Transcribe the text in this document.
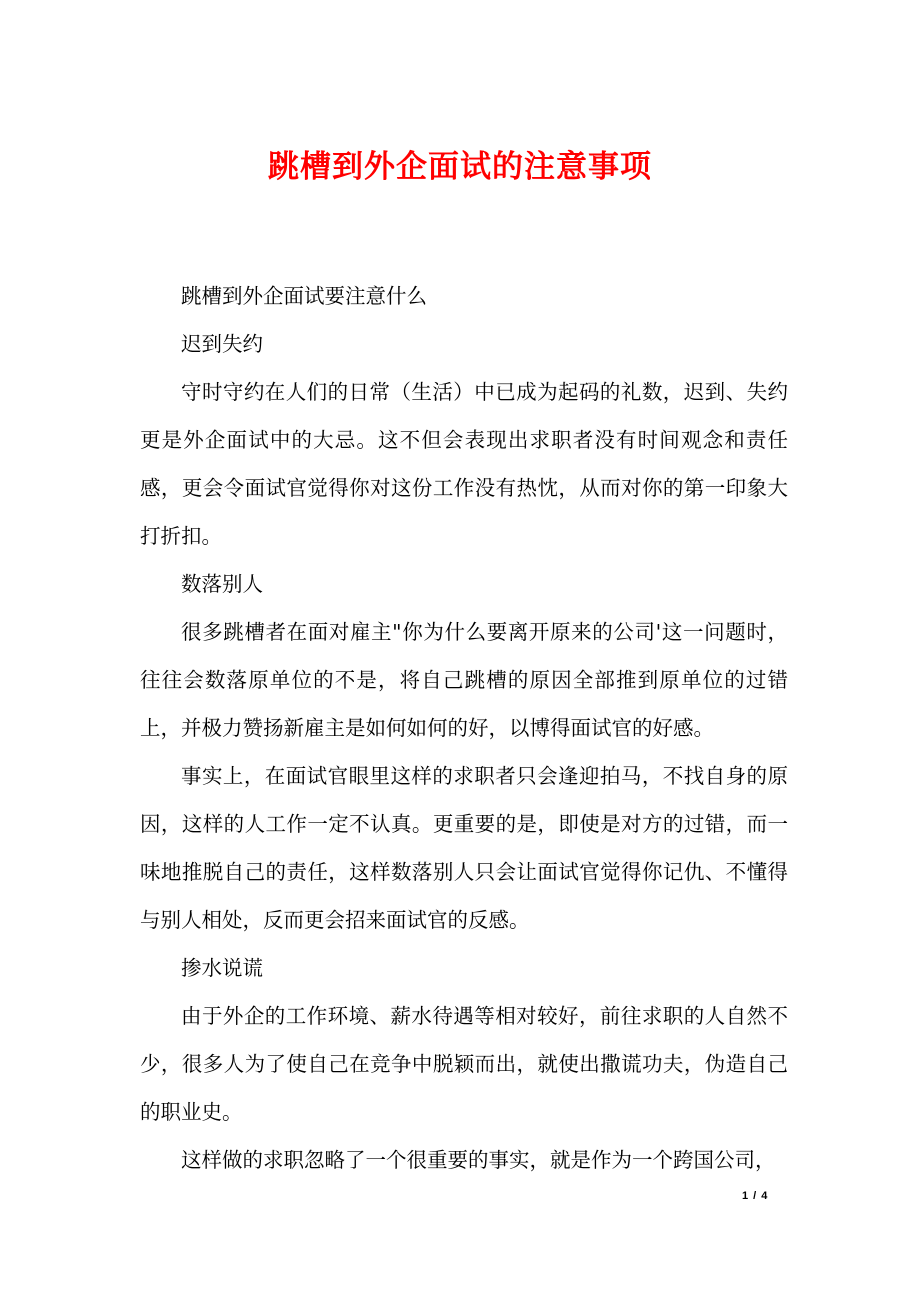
跳槽到外企面试的注意事项

跳槽到外企面试要注意什么

迟到失约

守时守约在人们的日常（生活）中已成为起码的礼数，迟到、失约更是外企面试中的大忌。这不但会表现出求职者没有时间观念和责任感，更会令面试官觉得你对这份工作没有热忱，从而对你的第一印象大打折扣。

数落别人

很多跳槽者在面对雇主"你为什么要离开原来的公司'这一问题时，往往会数落原单位的不是，将自己跳槽的原因全部推到原单位的过错上，并极力赞扬新雇主是如何如何的好，以博得面试官的好感。

事实上，在面试官眼里这样的求职者只会逢迎拍马，不找自身的原因，这样的人工作一定不认真。更重要的是，即使是对方的过错，而一味地推脱自己的责任，这样数落别人只会让面试官觉得你记仇、不懂得与别人相处，反而更会招来面试官的反感。

掺水说谎

由于外企的工作环境、薪水待遇等相对较好，前往求职的人自然不少，很多人为了使自己在竞争中脱颖而出，就使出撒谎功夫，伪造自己的职业史。

这样做的求职忽略了一个很重要的事实，就是作为一个跨国公司，

1 / 4
